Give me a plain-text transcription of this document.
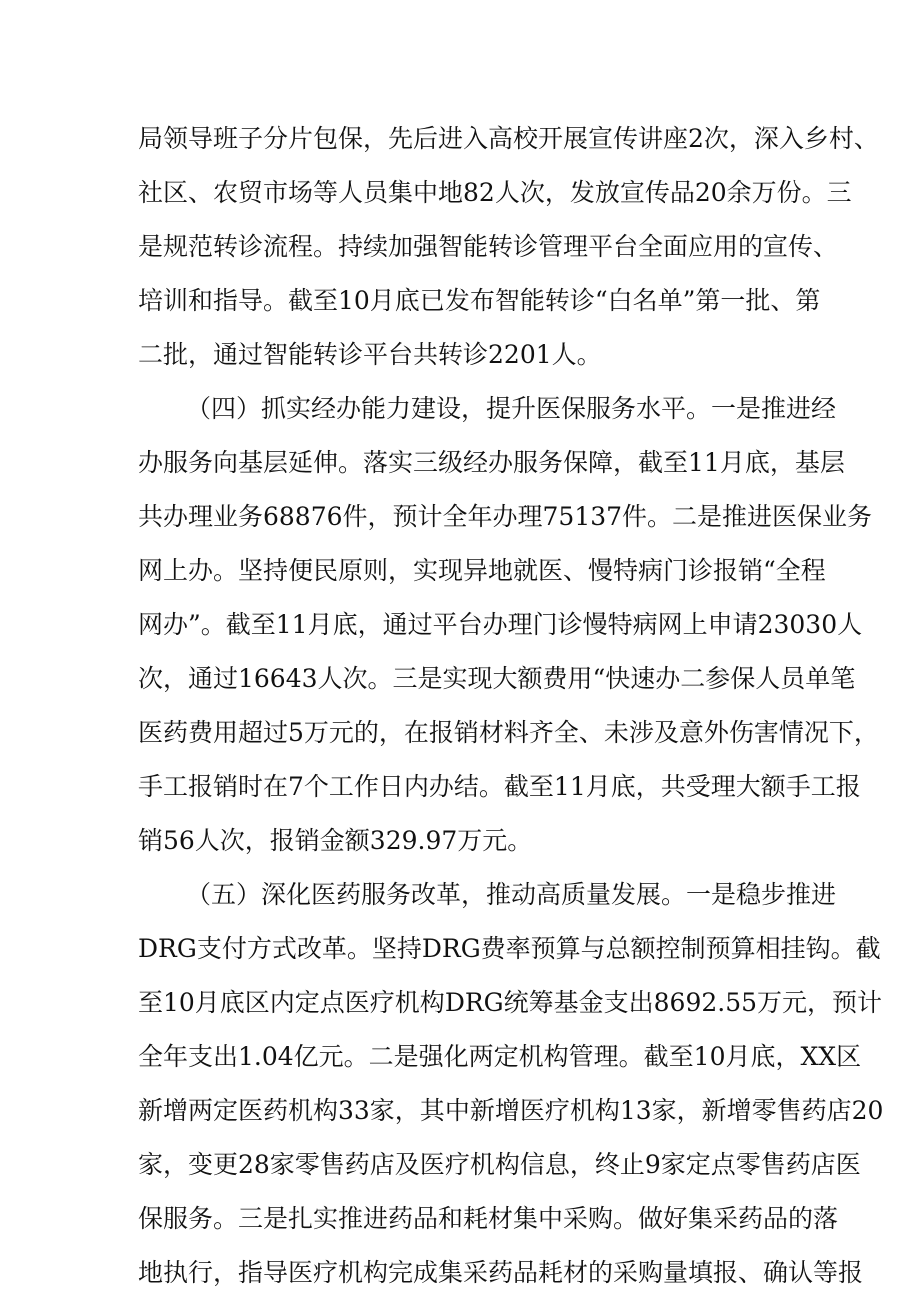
局领导班子分片包保，先后进入高校开展宣传讲座2次，深入乡村、
社区、农贸市场等人员集中地82人次，发放宣传品20余万份。三
是规范转诊流程。持续加强智能转诊管理平台全面应用的宣传、
培训和指导。截至10月底已发布智能转诊“白名单”第一批、第
二批，通过智能转诊平台共转诊2201人。
（四）抓实经办能力建设，提升医保服务水平。一是推进经
办服务向基层延伸。落实三级经办服务保障，截至11月底，基层
共办理业务68876件，预计全年办理75137件。二是推进医保业务
网上办。坚持便民原则，实现异地就医、慢特病门诊报销“全程
网办”。截至11月底，通过平台办理门诊慢特病网上申请23030人
次，通过16643人次。三是实现大额费用“快速办二参保人员单笔
医药费用超过5万元的，在报销材料齐全、未涉及意外伤害情况下，
手工报销时在7个工作日内办结。截至11月底，共受理大额手工报
销56人次，报销金额329.97万元。
（五）深化医药服务改革，推动高质量发展。一是稳步推进
DRG支付方式改革。坚持DRG费率预算与总额控制预算相挂钩。截
至10月底区内定点医疗机构DRG统筹基金支出8692.55万元，预计
全年支出1.04亿元。二是强化两定机构管理。截至10月底，XX区
新增两定医药机构33家，其中新增医疗机构13家，新增零售药店20
家，变更28家零售药店及医疗机构信息，终止9家定点零售药店医
保服务。三是扎实推进药品和耗材集中采购。做好集采药品的落
地执行，指导医疗机构完成集采药品耗材的采购量填报、确认等报
